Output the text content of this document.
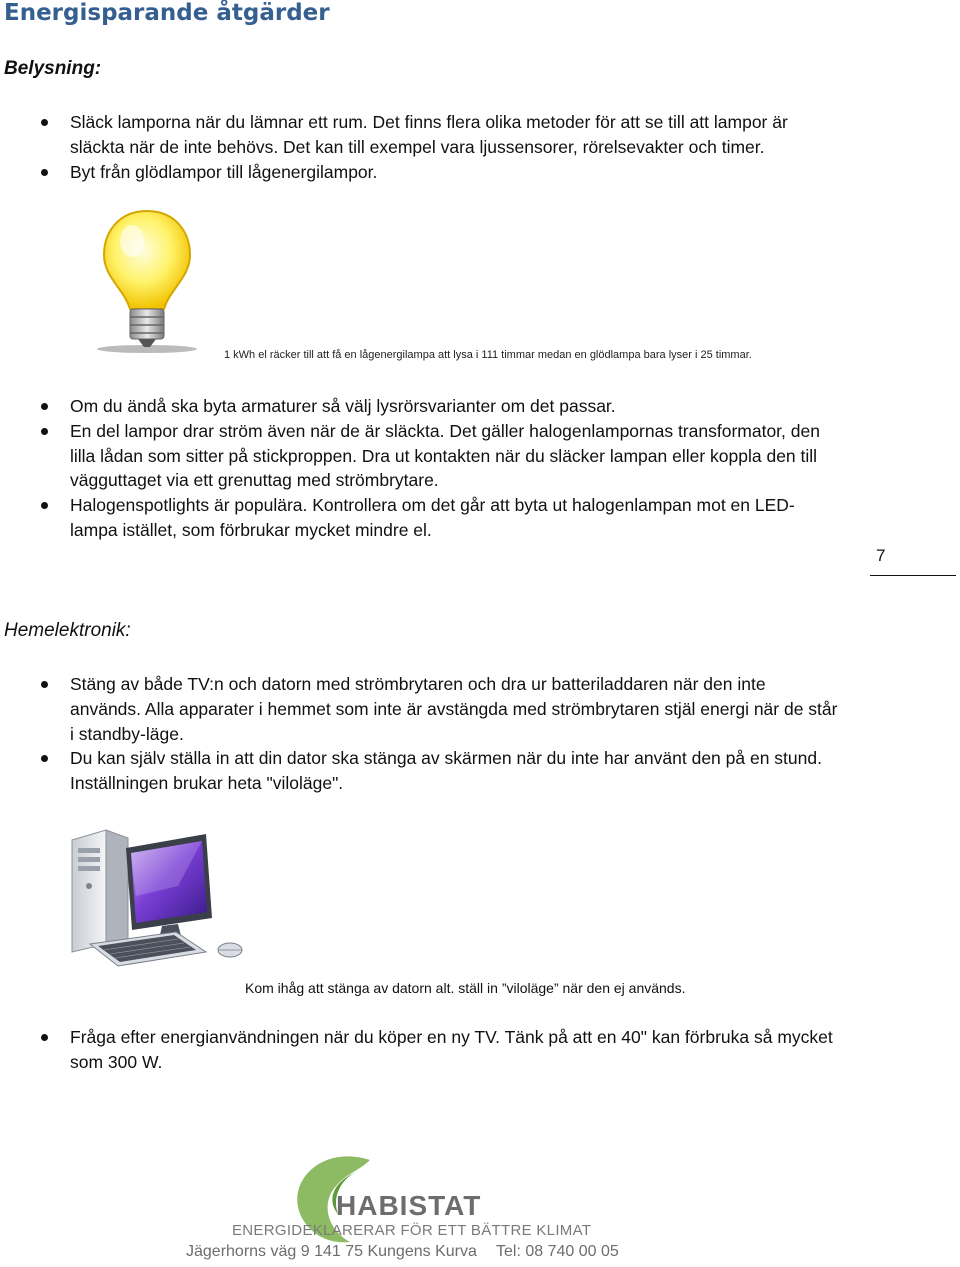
Energisparande åtgärder
Belysning:
Släck lamporna när du lämnar ett rum. Det finns flera olika metoder för att se till att lampor är släckta när de inte behövs. Det kan till exempel vara ljussensorer, rörelsevakter och timer.
Byt från glödlampor till lågenergilampor.
1 kWh el räcker till att få en lågenergilampa att lysa i 111 timmar medan en glödlampa bara lyser i 25 timmar.
Om du ändå ska byta armaturer så välj lysrörsvarianter om det passar.
En del lampor drar ström även när de är släckta. Det gäller halogenlampornas transformator, den lilla lådan som sitter på stickproppen. Dra ut kontakten när du släcker lampan eller koppla den till vägguttaget via ett grenuttag med strömbrytare.
Halogenspotlights är populära. Kontrollera om det går att byta ut halogenlampan mot en LED-lampa istället, som förbrukar mycket mindre el.
7
Hemelektronik:
Stäng av både TV:n och datorn med strömbrytaren och dra ur batteriladdaren när den inte används. Alla apparater i hemmet som inte är avstängda med strömbrytaren stjäl energi när de står i standby-läge.
Du kan själv ställa in att din dator ska stänga av skärmen när du inte har använt den på en stund. Inställningen brukar heta "viloläge".
Kom ihåg att stänga av datorn alt. ställ in ”viloläge” när den ej används.
Fråga efter energianvändningen när du köper en ny TV. Tänk på att en 40" kan förbruka så mycket som 300 W.
HABISTAT
ENERGIDEKLARERAR FÖR ETT BÄTTRE KLIMAT
Jägerhorns väg 9 141 75 Kungens Kurva Tel: 08 740 00 05
